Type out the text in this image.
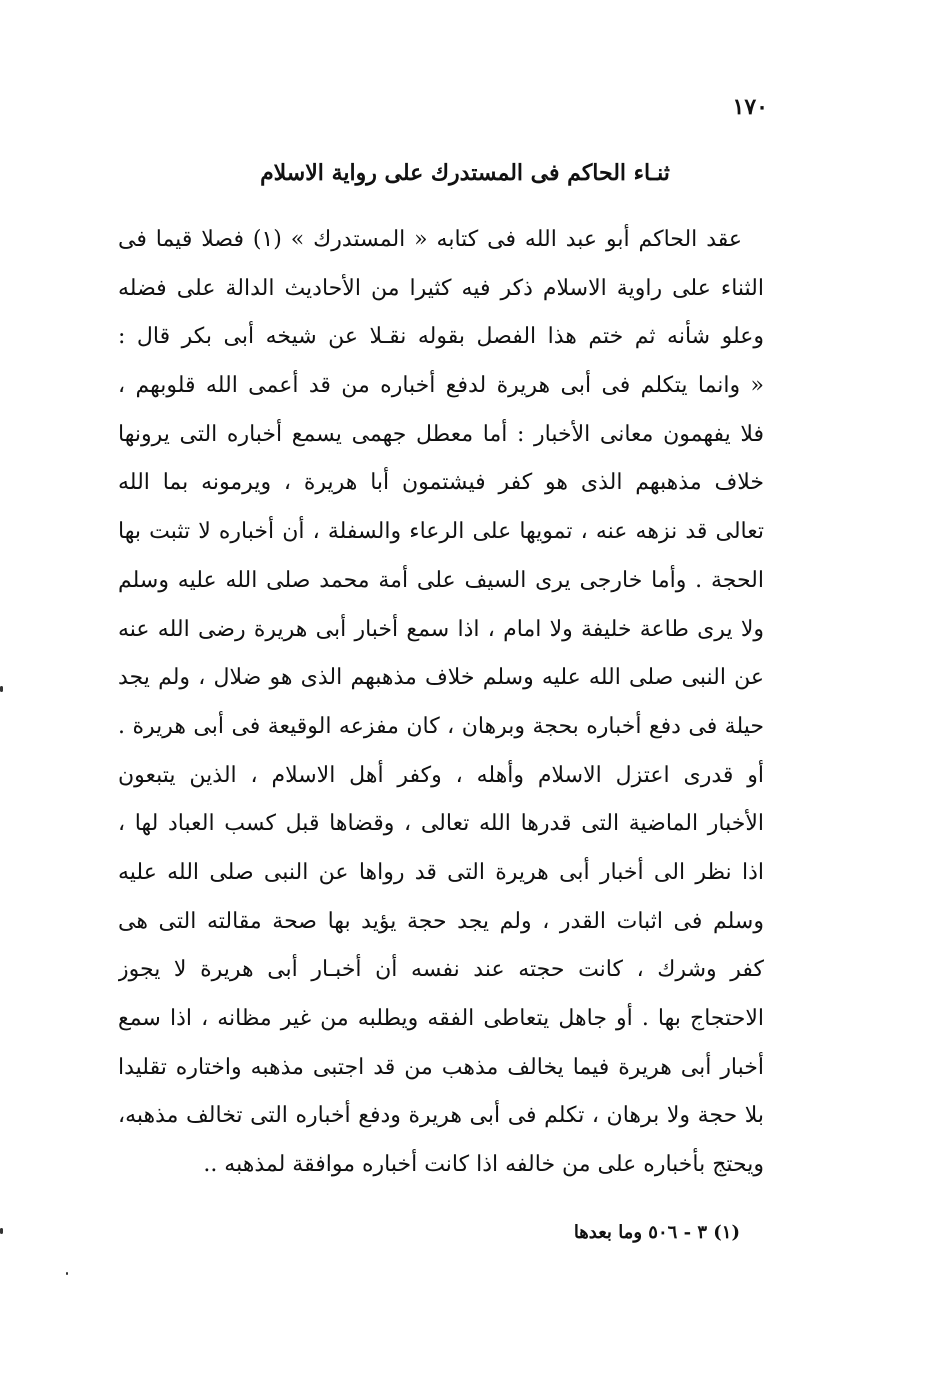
١٧٠
ثنـاء الحاكم فى المستدرك على رواية الاسلام
عقد الحاكم أبو عبد الله فى كتابه « المستدرك » (١) فصلا قيما فى
الثناء على راوية الاسلام ذكر فيه كثيرا من الأحاديث الدالة على فضله
وعلو شأنه ثم ختم هذا الفصل بقوله نقـلا عن شيخه أبى بكر قال :
« وانما يتكلم فى أبى هريرة لدفع أخباره من قد أعمى الله قلوبهم ،
فلا يفهمون معانى الأخبار : أما معطل جهمى يسمع أخباره التى يرونها
خلاف مذهبهم الذى هو كفر فيشتمون أبا هريرة ، ويرمونه بما الله
تعالى قد نزهه عنه ، تمويها على الرعاء والسفلة ، أن أخباره لا تثبت بها
الحجة . وأما خارجى يرى السيف على أمة محمد صلى الله عليه وسلم
ولا يرى طاعة خليفة ولا امام ، اذا سمع أخبار أبى هريرة رضى الله عنه
عن النبى صلى الله عليه وسلم خلاف مذهبهم الذى هو ضلال ، ولم يجد
حيلة فى دفع أخباره بحجة وبرهان ، كان مفزعه الوقيعة فى أبى هريرة .
أو قدرى اعتزل الاسلام وأهله ، وكفر أهل الاسلام ، الذين يتبعون
الأخبار الماضية التى قدرها الله تعالى ، وقضاها قبل كسب العباد لها ،
اذا نظر الى أخبار أبى هريرة التى قد رواها عن النبى صلى الله عليه
وسلم فى اثبات القدر ، ولم يجد حجة يؤيد بها صحة مقالته التى هى
كفر وشرك ، كانت حجته عند نفسه أن أخبـار أبى هريرة لا يجوز
الاحتجاج بها . أو جاهل يتعاطى الفقه ويطلبه من غير مظانه ، اذا سمع
أخبار أبى هريرة فيما يخالف مذهب من قد اجتبى مذهبه واختاره تقليدا
بلا حجة ولا برهان ، تكلم فى أبى هريرة ودفع أخباره التى تخالف مذهبه،
ويحتج بأخباره على من خالفه اذا كانت أخباره موافقة لمذهبه ..
(١) ٣ - ٥٠٦ وما بعدها
